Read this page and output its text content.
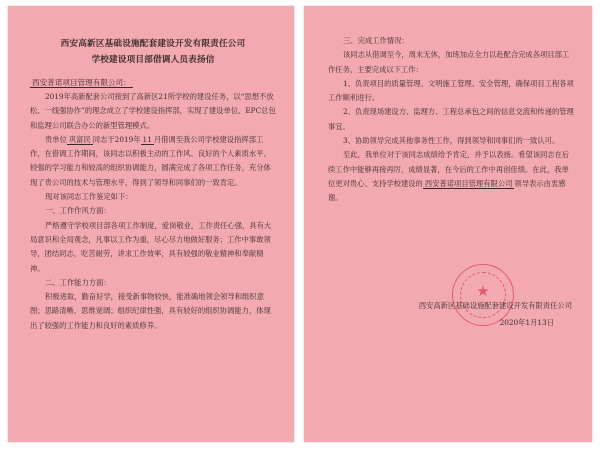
西安高新区基础设施配套建设开发有限责任公司
学校建设项目部借调人员表扬信

西安普诺项目管理有限公司：

2019年高新配套公司接到了高新区21所学校的建设任务，以“思想不放松、一线强协作”的理念成立了学校建设指挥部，实现了建设单位、EPC总包和监理公司联合办公的新型管理模式。

贵单位 巩富民 同志于2019年 11 月借调至我公司学校建设指挥部工作，在借调工作期间，该同志以积极主动的工作风、良好的个人素质水平、较强的学习能力和较高的组织协调能力，圆满完成了各项工作任务，充分体现了贵公司的技术与管理水平，得到了领导和同事们的一致肯定。

现对该同志工作鉴定如下：

一、工作作风方面：

严格遵守学校项目部各项工作制度，爱岗敬业，工作责任心强，具有大局意识和全局观念，凡事以工作为重，尽心尽力地做好服务；工作中事敢领导，团结同志，吃苦耐劳，讲求工作效率，具有较强的敬业精神和奉献精神。

二、工作能力方面：

积极进取，勤奋好学，接受新事物较快，能准确地领会领导和组织意图；思路清晰，思维宽阔；组织纪律性强，具有较好的组织协调能力，体现出了较强的工作能力和良好的素质修养。

三、完成工作情况：

该同志从借调至今，周末无休，加班加点全力以赴配合完成各项目部工作任务，主要完成以下工作：

1、负责项目的质量管理、文明施工管理、安全管理，确保项目工程各项工作顺利进行。

2、负责现场建设方、监理方、工程总承包之间的信息交流和传递的管理事宜。

3、协助领导完成其他事务性工作，得到领导和同事们的一致认可。

至此，我单位对于该同志成绩给予肯定，并予以表扬。希望该同志在后续工作中能够再接再厉，成绩显著，在今后的工作中再创佳绩。在此，我单位更对贵心、支持学校建设的 西安普诺项目管理有限公司 领导表示由衷感谢。

★
西安高新区基础设施配套建设开发有限责任公司
2020年1月13日
